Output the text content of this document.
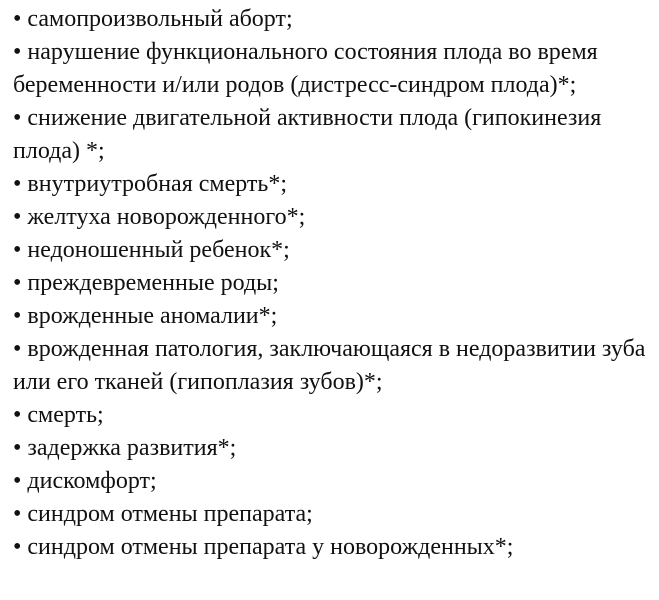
• самопроизвольный аборт;
• нарушение функционального состояния плода во время беременности и/или родов (дистресс-синдром плода)*;
• снижение двигательной активности плода (гипокинезия плода) *;
• внутриутробная смерть*;
• желтуха новорожденного*;
• недоношенный ребенок*;
• преждевременные роды;
• врожденные аномалии*;
• врожденная патология, заключающаяся в недоразвитии зуба или его тканей (гипоплазия зубов)*;
• смерть;
• задержка развития*;
• дискомфорт;
• синдром отмены препарата;
• синдром отмены препарата у новорожденных*;
